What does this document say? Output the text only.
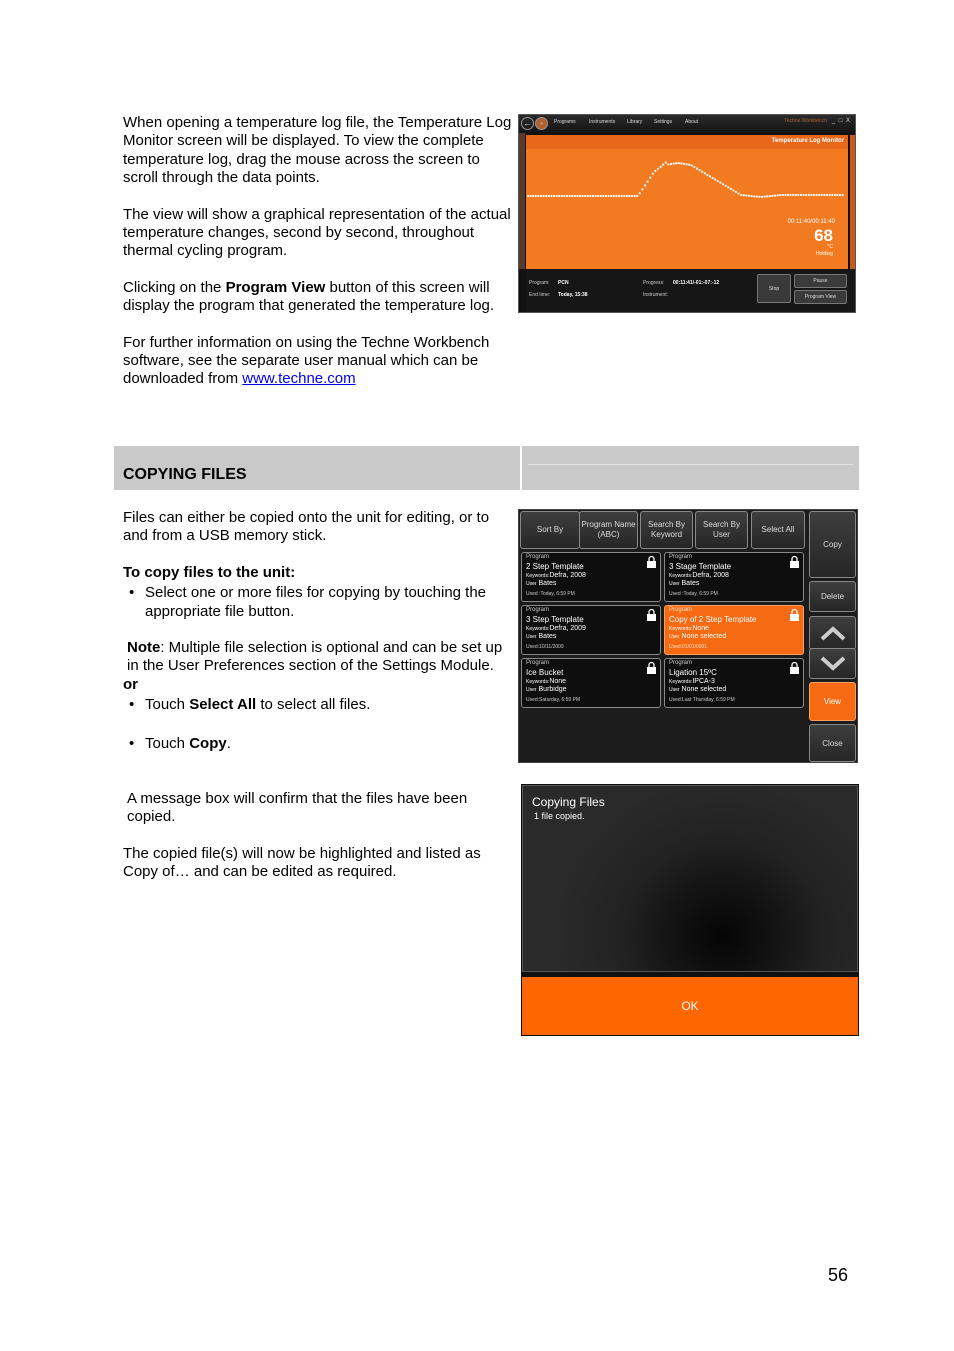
When opening a temperature log file, the Temperature Log Monitor screen will be displayed. To view the complete temperature log, drag the mouse across the screen to scroll through the data points.

The view will show a graphical representation of the actual temperature changes, second by second, throughout thermal cycling program.

Clicking on the Program View button of this screen will display the program that generated the temperature log.

For further information on using the Techne Workbench software, see the separate user manual which can be downloaded from www.techne.com

← ◦	Programs	Instruments Library Settings	About	Techne Workbench _ □ X
Temperature Log Monitor
00:11:40/00:11:40
68
°C
Holding
Program: PCN
End time: Today, 15:38
Progress: 00:11:41/-01:-07:-12
Instrument:
Stop
Pause
Program View
COPYING FILES

Files can either be copied onto the unit for editing, or to and from a USB memory stick.

To copy files to the unit:

• Select one or more files for copying by touching the appropriate file button.

Note: Multiple file selection is optional and can be set up in the User Preferences section of the Settings Module.

or

• Touch Select All to select all files.
• Touch Copy.

A message box will confirm that the files have been copied.

The copied file(s) will now be highlighted and listed as Copy of… and can be edited as required.

Sort By
Program Name (ABC)
Search By Keyword
Search By User
Select All
Copy
Delete
View
Close
Program
2 Step Template
Keywords:Defra, 2008
User Bates
Used :Today, 6:59 PM
Program
3 Stage Template
Keywords:Defra, 2008
User Bates
Used :Today, 6:59 PM
Program
3 Step Template
Keywords:Defra, 2009
User Bates
Used:10/11/2009
Program
Copy of 2 Step Template
Keywords:None
User None selected
Used:01/01/0001
Program
Ice Bucket
Keywords:None
User Burbidge
Used:Saturday, 6:59 PM
Program
Ligation 15ºC
Keywords:IPCA-3
User None selected
Used:Last Thursday, 6:59 PM
Copying Files
1 file copied.
OK
56
